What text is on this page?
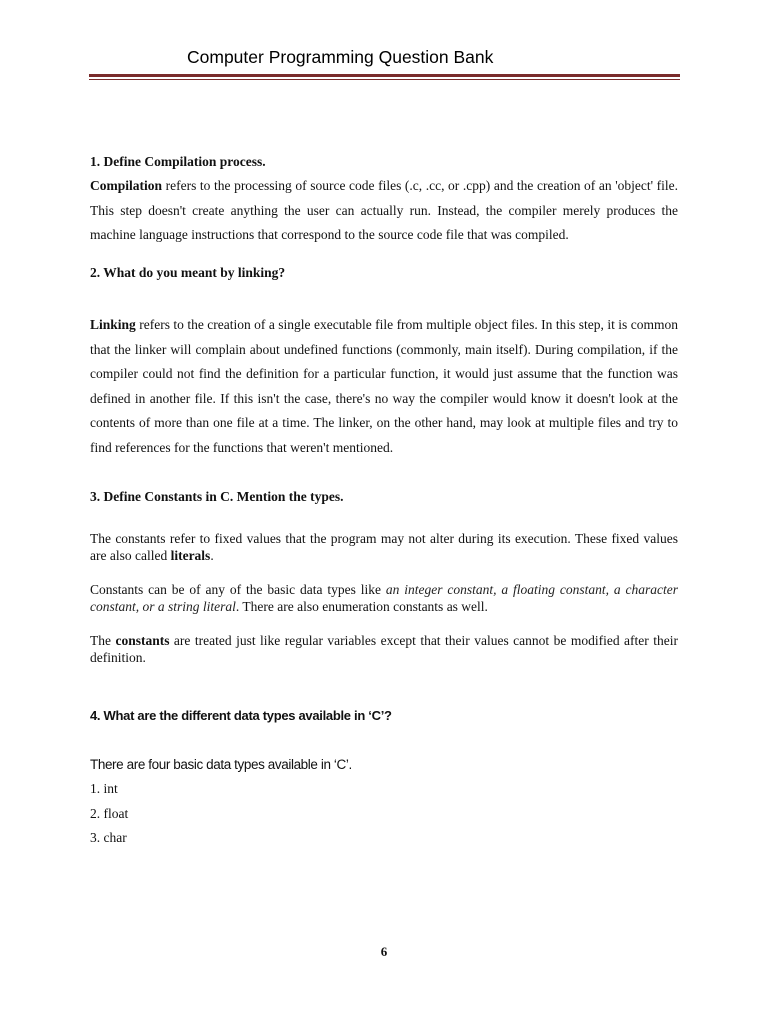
Computer Programming Question Bank
1. Define Compilation process.
Compilation refers to the processing of source code files (.c, .cc, or .cpp) and the creation of an 'object' file. This step doesn't create anything the user can actually run. Instead, the compiler merely produces the machine language instructions that correspond to the source code file that was compiled.
2. What do you meant by linking?
Linking refers to the creation of a single executable file from multiple object files. In this step, it is common that the linker will complain about undefined functions (commonly, main itself). During compilation, if the compiler could not find the definition for a particular function, it would just assume that the function was defined in another file. If this isn't the case, there's no way the compiler would know it doesn't look at the contents of more than one file at a time. The linker, on the other hand, may look at multiple files and try to find references for the functions that weren't mentioned.
3. Define Constants in C. Mention the types.
The constants refer to fixed values that the program may not alter during its execution. These fixed values are also called literals.
Constants can be of any of the basic data types like an integer constant, a floating constant, a character constant, or a string literal. There are also enumeration constants as well.
The constants are treated just like regular variables except that their values cannot be modified after their definition.
4. What are the different data types available in ‘C’?
There are four basic data types available in ‘C’.
1. int
2. float
3. char
6
